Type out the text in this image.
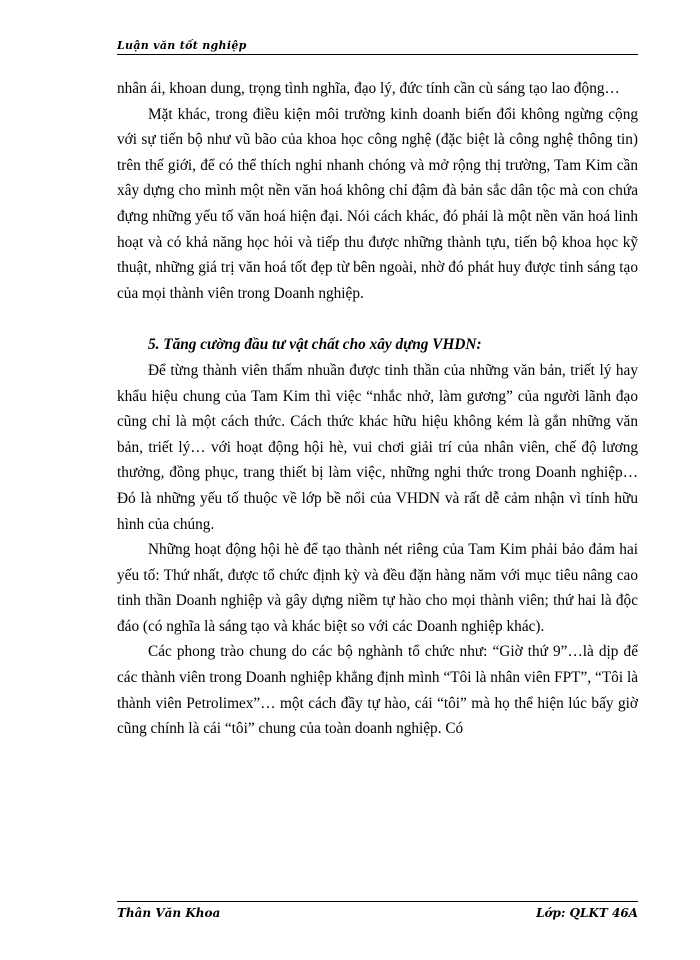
Luận văn tốt nghiệp

nhân ái, khoan dung, trọng tình nghĩa, đạo lý, đức tính cần cù sáng tạo lao động…

Mặt khác, trong điều kiện môi trường kinh doanh biến đổi không ngừng cộng với sự tiến bộ như vũ bão của khoa học công nghệ (đặc biệt là công nghệ thông tin) trên thế giới, để có thể thích nghi nhanh chóng và mở rộng thị trường, Tam Kim cần xây dựng cho mình một nền văn hoá không chỉ đậm đà bản sắc dân tộc mà con chứa đựng những yếu tố văn hoá hiện đại. Nói cách khác, đó phải là một nền văn hoá linh hoạt và có khả năng học hỏi và tiếp thu được những thành tựu, tiến bộ khoa học kỹ thuật, những giá trị văn hoá tốt đẹp từ bên ngoài, nhờ đó phát huy được tinh sáng tạo của mọi thành viên trong Doanh nghiệp.

5. Tăng cường đầu tư vật chất cho xây dựng VHDN:

Để từng thành viên thấm nhuần được tinh thần của những văn bản, triết lý hay khẩu hiệu chung của Tam Kim thì việc “nhắc nhở, làm gương” của người lãnh đạo cũng chỉ là một cách thức. Cách thức khác hữu hiệu không kém là gắn những văn bản, triết lý… với hoạt động hội hè, vui chơi giải trí của nhân viên, chế độ lương thưởng, đồng phục, trang thiết bị làm việc, những nghi thức trong Doanh nghiệp…Đó là những yếu tố thuộc về lớp bề nổi của VHDN và rất dễ cảm nhận vì tính hữu hình của chúng.

Những hoạt động hội hè để tạo thành nét riêng của Tam Kim phải bảo đảm hai yếu tố: Thứ nhất, được tổ chức định kỳ và đều đặn hàng năm với mục tiêu nâng cao tinh thần Doanh nghiệp và gây dựng niềm tự hào cho mọi thành viên; thứ hai là độc đáo (có nghĩa là sáng tạo và khác biệt so với các Doanh nghiệp khác).

Các phong trào chung do các bộ nghành tổ chức như: “Giờ thứ 9”…là dịp để các thành viên trong Doanh nghiệp khẳng định mình “Tôi là nhân viên FPT”, “Tôi là thành viên Petrolimex”… một cách đầy tự hào, cái “tôi” mà họ thể hiện lúc bấy giờ cũng chính là cái “tôi” chung của toàn doanh nghiệp. Có

Thân Văn Khoa	Lớp: QLKT 46A
